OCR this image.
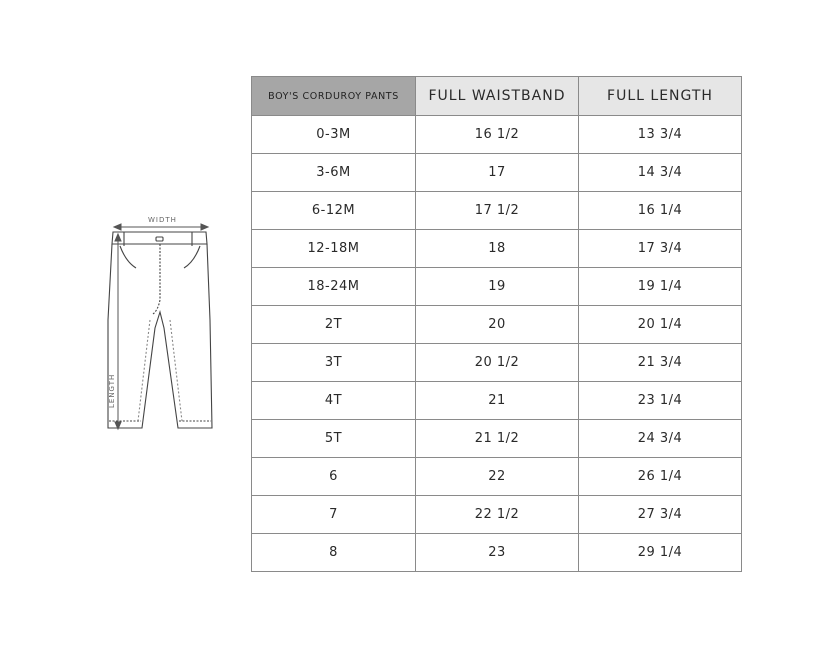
WIDTH
LENGTH
BOY'S CORDUROY PANTS	FULL WAISTBAND	FULL LENGTH
0-3M	16 1/2	13 3/4
3-6M	17	14 3/4
6-12M	17 1/2	16 1/4
12-18M	18	17 3/4
18-24M	19	19 1/4
2T	20	20 1/4
3T	20 1/2	21 3/4
4T	21	23 1/4
5T	21 1/2	24 3/4
6	22	26 1/4
7	22 1/2	27 3/4
8	23	29 1/4
